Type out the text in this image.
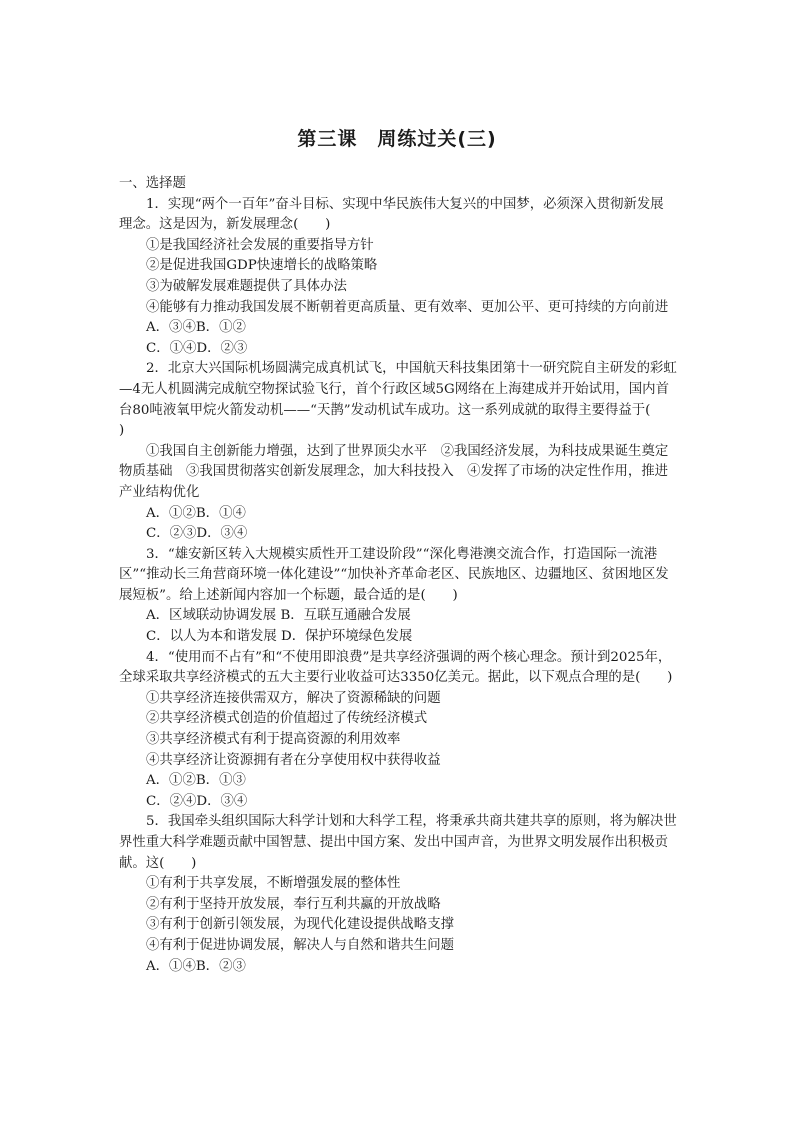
第三课　周练过关(三)

一、选择题

1．实现“两个一百年”奋斗目标、实现中华民族伟大复兴的中国梦，必须深入贯彻新发展理念。这是因为，新发展理念(　　)

①是我国经济社会发展的重要指导方针

②是促进我国GDP快速增长的战略策略

③为破解发展难题提供了具体办法

④能够有力推动我国发展不断朝着更高质量、更有效率、更加公平、更可持续的方向前进

A．③④B．①②

C．①④D．②③

2．北京大兴国际机场圆满完成真机试飞，中国航天科技集团第十一研究院自主研发的彩虹—4无人机圆满完成航空物探试验飞行，首个行政区域5G网络在上海建成并开始试用，国内首台80吨液氧甲烷火箭发动机——“天鹊”发动机试车成功。这一系列成就的取得主要得益于(　　)

①我国自主创新能力增强，达到了世界顶尖水平　②我国经济发展，为科技成果诞生奠定物质基础　③我国贯彻落实创新发展理念，加大科技投入　④发挥了市场的决定性作用，推进产业结构优化

A．①②B．①④

C．②③D．③④

3．“雄安新区转入大规模实质性开工建设阶段”“深化粤港澳交流合作，打造国际一流港区”“推动长三角营商环境一体化建设”“加快补齐革命老区、民族地区、边疆地区、贫困地区发展短板”。给上述新闻内容加一个标题，最合适的是(　　)

A．区域联动协调发展 B．互联互通融合发展

C．以人为本和谐发展 D．保护环境绿色发展

4．“使用而不占有”和“不使用即浪费”是共享经济强调的两个核心理念。预计到2025年，全球采取共享经济模式的五大主要行业收益可达3350亿美元。据此，以下观点合理的是(　　)

①共享经济连接供需双方，解决了资源稀缺的问题

②共享经济模式创造的价值超过了传统经济模式

③共享经济模式有利于提高资源的利用效率

④共享经济让资源拥有者在分享使用权中获得收益

A．①②B．①③

C．②④D．③④

5．我国牵头组织国际大科学计划和大科学工程，将秉承共商共建共享的原则，将为解决世界性重大科学难题贡献中国智慧、提出中国方案、发出中国声音，为世界文明发展作出积极贡献。这(　　)

①有利于共享发展，不断增强发展的整体性

②有利于坚持开放发展，奉行互利共赢的开放战略

③有利于创新引领发展，为现代化建设提供战略支撑

④有利于促进协调发展，解决人与自然和谐共生问题

A．①④B．②③
